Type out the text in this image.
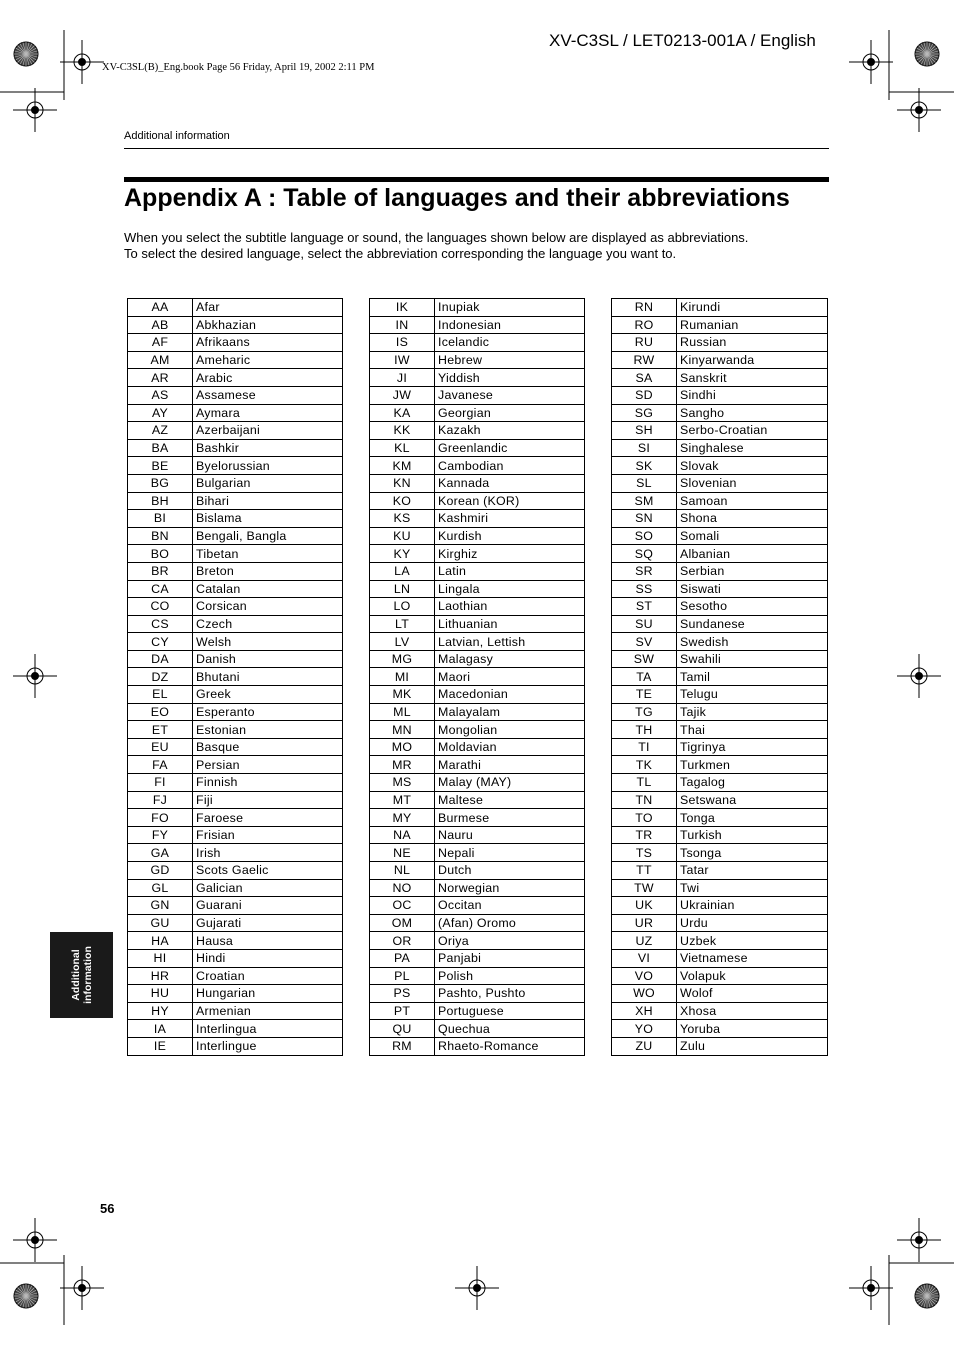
XV-C3SL / LET0213-001A / English
XV-C3SL(B)_Eng.book Page 56 Friday, April 19, 2002 2:11 PM
Additional information
Appendix A : Table of languages and their abbreviations
When you select the subtitle language or sound, the languages shown below are displayed as abbreviations.
To select the desired language, select the abbreviation corresponding the language you want to.
AA	Afar
AB	Abkhazian
AF	Afrikaans
AM	Ameharic
AR	Arabic
AS	Assamese
AY	Aymara
AZ	Azerbaijani
BA	Bashkir
BE	Byelorussian
BG	Bulgarian
BH	Bihari
BI	Bislama
BN	Bengali, Bangla
BO	Tibetan
BR	Breton
CA	Catalan
CO	Corsican
CS	Czech
CY	Welsh
DA	Danish
DZ	Bhutani
EL	Greek
EO	Esperanto
ET	Estonian
EU	Basque
FA	Persian
FI	Finnish
FJ	Fiji
FO	Faroese
FY	Frisian
GA	Irish
GD	Scots Gaelic
GL	Galician
GN	Guarani
GU	Gujarati
HA	Hausa
HI	Hindi
HR	Croatian
HU	Hungarian
HY	Armenian
IA	Interlingua
IE	Interlingue
IK	Inupiak
IN	Indonesian
IS	Icelandic
IW	Hebrew
JI	Yiddish
JW	Javanese
KA	Georgian
KK	Kazakh
KL	Greenlandic
KM	Cambodian
KN	Kannada
KO	Korean (KOR)
KS	Kashmiri
KU	Kurdish
KY	Kirghiz
LA	Latin
LN	Lingala
LO	Laothian
LT	Lithuanian
LV	Latvian, Lettish
MG	Malagasy
MI	Maori
MK	Macedonian
ML	Malayalam
MN	Mongolian
MO	Moldavian
MR	Marathi
MS	Malay (MAY)
MT	Maltese
MY	Burmese
NA	Nauru
NE	Nepali
NL	Dutch
NO	Norwegian
OC	Occitan
OM	(Afan) Oromo
OR	Oriya
PA	Panjabi
PL	Polish
PS	Pashto, Pushto
PT	Portuguese
QU	Quechua
RM	Rhaeto-Romance
RN	Kirundi
RO	Rumanian
RU	Russian
RW	Kinyarwanda
SA	Sanskrit
SD	Sindhi
SG	Sangho
SH	Serbo-Croatian
SI	Singhalese
SK	Slovak
SL	Slovenian
SM	Samoan
SN	Shona
SO	Somali
SQ	Albanian
SR	Serbian
SS	Siswati
ST	Sesotho
SU	Sundanese
SV	Swedish
SW	Swahili
TA	Tamil
TE	Telugu
TG	Tajik
TH	Thai
TI	Tigrinya
TK	Turkmen
TL	Tagalog
TN	Setswana
TO	Tonga
TR	Turkish
TS	Tsonga
TT	Tatar
TW	Twi
UK	Ukrainian
UR	Urdu
UZ	Uzbek
VI	Vietnamese
VO	Volapuk
WO	Wolof
XH	Xhosa
YO	Yoruba
ZU	Zulu
Additional information
56
